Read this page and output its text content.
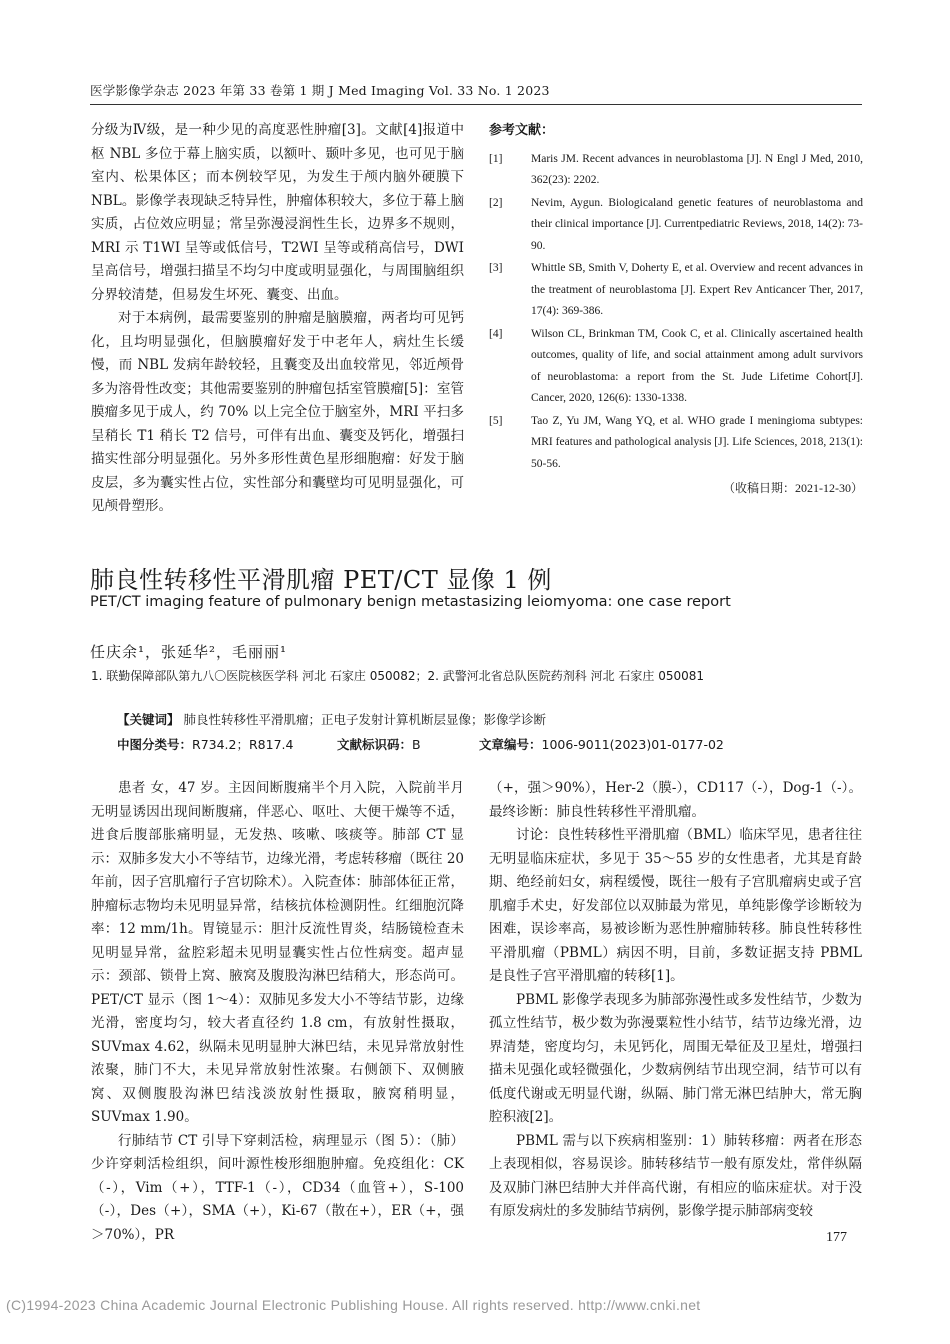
医学影像学杂志 2023 年第 33 卷第 1 期 J Med Imaging Vol. 33 No. 1 2023

分级为Ⅳ级，是一种少见的高度恶性肿瘤[3]。文献[4]报道中枢 NBL 多位于幕上脑实质，以额叶、颞叶多见，也可见于脑室内、松果体区；而本例较罕见，为发生于颅内脑外硬膜下 NBL。影像学表现缺乏特异性，肿瘤体积较大，多位于幕上脑实质，占位效应明显；常呈弥漫浸润性生长，边界多不规则，MRI 示 T1WI 呈等或低信号，T2WI 呈等或稍高信号，DWI 呈高信号，增强扫描呈不均匀中度或明显强化，与周围脑组织分界较清楚，但易发生坏死、囊变、出血。

对于本病例，最需要鉴别的肿瘤是脑膜瘤，两者均可见钙化，且均明显强化，但脑膜瘤好发于中老年人，病灶生长缓慢，而 NBL 发病年龄较轻，且囊变及出血较常见，邻近颅骨多为溶骨性改变；其他需要鉴别的肿瘤包括室管膜瘤[5]：室管膜瘤多见于成人，约 70% 以上完全位于脑室外，MRI 平扫多呈稍长 T1 稍长 T2 信号，可伴有出血、囊变及钙化，增强扫描实性部分明显强化。另外多形性黄色星形细胞瘤：好发于脑皮层，多为囊实性占位，实性部分和囊壁均可见明显强化，可见颅骨塑形。

参考文献：
[1]	Maris JM. Recent advances in neuroblastoma [J]. N Engl J Med, 2010, 362(23): 2202.
[2]	Nevim, Aygun. Biologicaland genetic features of neuroblastoma and their clinical importance [J]. Currentpediatric Reviews, 2018, 14(2): 73-90.
[3]	Whittle SB, Smith V, Doherty E, et al. Overview and recent advances in the treatment of neuroblastoma [J]. Expert Rev Anticancer Ther, 2017, 17(4): 369-386.
[4]	Wilson CL, Brinkman TM, Cook C, et al. Clinically ascertained health outcomes, quality of life, and social attainment among adult survivors of neuroblastoma: a report from the St. Jude Lifetime Cohort[J]. Cancer, 2020, 126(6): 1330-1338.
[5]	Tao Z, Yu JM, Wang YQ, et al. WHO grade I meningioma subtypes: MRI features and pathological analysis [J]. Life Sciences, 2018, 213(1): 50-56.
（收稿日期：2021-12-30）
肺良性转移性平滑肌瘤 PET/CT 显像 1 例
PET/CT imaging feature of pulmonary benign metastasizing leiomyoma: one case report
任庆余¹，张延华²，毛丽丽¹
1. 联勤保障部队第九八〇医院核医学科 河北 石家庄 050082；2. 武警河北省总队医院药剂科 河北 石家庄 050081
【关键词】 肺良性转移性平滑肌瘤；正电子发射计算机断层显像；影像学诊断
中图分类号：R734.2；R817.4	文献标识码：B	文章编号：1006-9011(2023)01-0177-02

患者 女，47 岁。主因间断腹痛半个月入院，入院前半月无明显诱因出现间断腹痛，伴恶心、呕吐、大便干燥等不适，进食后腹部胀痛明显，无发热、咳嗽、咳痰等。肺部 CT 显示：双肺多发大小不等结节，边缘光滑，考虑转移瘤（既往 20 年前，因子宫肌瘤行子宫切除术）。入院查体：肺部体征正常，肿瘤标志物均未见明显异常，结核抗体检测阴性。红细胞沉降率：12 mm/1h。胃镜显示：胆汁反流性胃炎，结肠镜检查未见明显异常，盆腔彩超未见明显囊实性占位性病变。超声显示：颈部、锁骨上窝、腋窝及腹股沟淋巴结稍大，形态尚可。PET/CT 显示（图 1～4）：双肺见多发大小不等结节影，边缘光滑，密度均匀，较大者直径约 1.8 cm，有放射性摄取，SUVmax 4.62，纵隔未见明显肿大淋巴结，未见异常放射性浓聚，肺门不大，未见异常放射性浓聚。右侧颌下、双侧腋窝、双侧腹股沟淋巴结浅淡放射性摄取，腋窝稍明显，SUVmax 1.90。

行肺结节 CT 引导下穿刺活检，病理显示（图 5）：（肺）少许穿刺活检组织，间叶源性梭形细胞肿瘤。免疫组化：CK（-），Vim（+），TTF-1（-），CD34（血管+），S-100（-），Des（+），SMA（+），Ki-67（散在+），ER（+，强＞70%），PR

（+，强＞90%），Her-2（膜-），CD117（-），Dog-1（-）。最终诊断：肺良性转移性平滑肌瘤。

讨论：良性转移性平滑肌瘤（BML）临床罕见，患者往往无明显临床症状，多见于 35～55 岁的女性患者，尤其是育龄期、绝经前妇女，病程缓慢，既往一般有子宫肌瘤病史或子宫肌瘤手术史，好发部位以双肺最为常见，单纯影像学诊断较为困难，误诊率高，易被诊断为恶性肿瘤肺转移。肺良性转移性平滑肌瘤（PBML）病因不明，目前，多数证据支持 PBML 是良性子宫平滑肌瘤的转移[1]。

PBML 影像学表现多为肺部弥漫性或多发性结节，少数为孤立性结节，极少数为弥漫粟粒性小结节，结节边缘光滑，边界清楚，密度均匀，未见钙化，周围无晕征及卫星灶，增强扫描未见强化或轻微强化，少数病例结节出现空洞，结节可以有低度代谢或无明显代谢，纵隔、肺门常无淋巴结肿大，常无胸腔积液[2]。

PBML 需与以下疾病相鉴别：1）肺转移瘤：两者在形态上表现相似，容易误诊。肺转移结节一般有原发灶，常伴纵隔及双肺门淋巴结肿大并伴高代谢，有相应的临床症状。对于没有原发病灶的多发肺结节病例，影像学提示肺部病变较

177
(C)1994-2023 China Academic Journal Electronic Publishing House. All rights reserved. http://www.cnki.net
